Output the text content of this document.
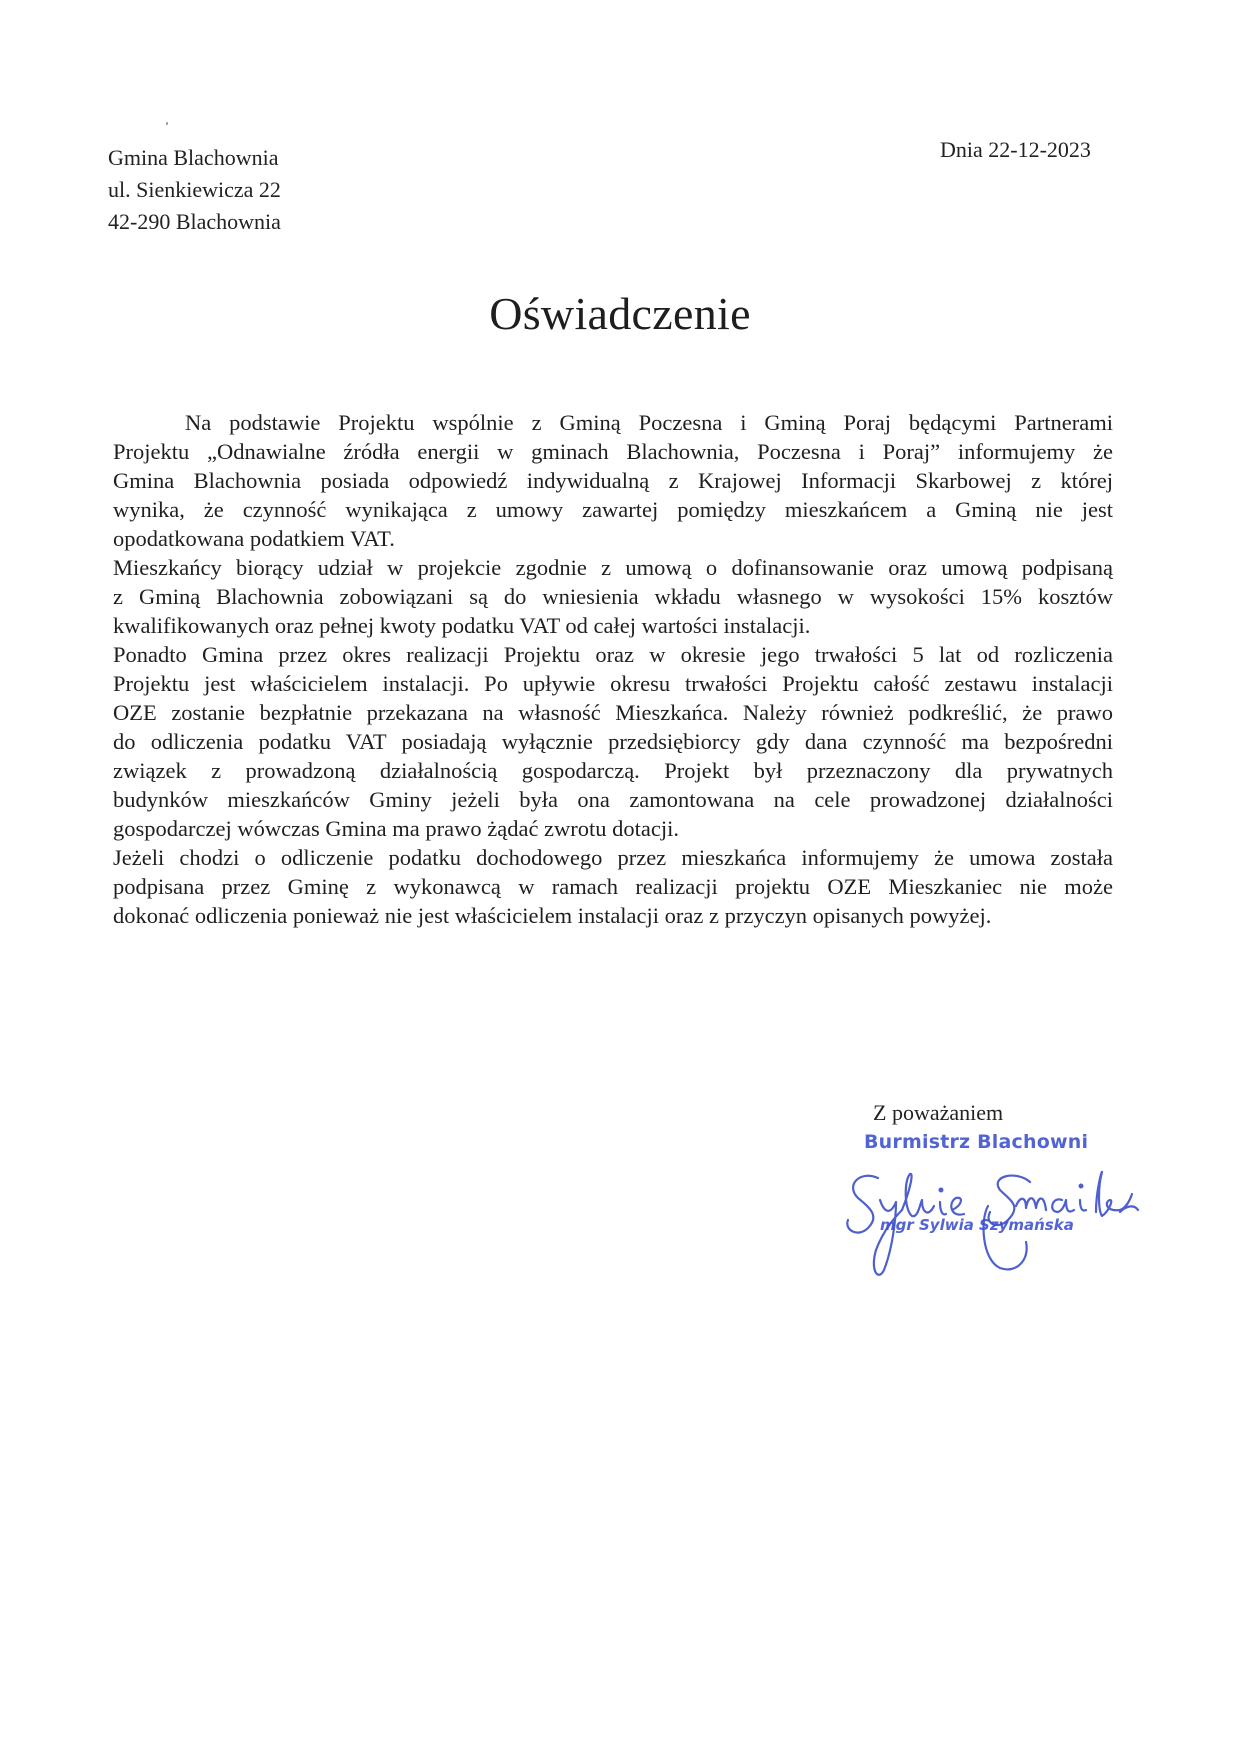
Gmina Blachownia
ul. Sienkiewicza 22
42-290 Blachownia
Dnia 22-12-2023
Oświadczenie
Na podstawie Projektu wspólnie z Gminą Poczesna i Gminą Poraj będącymi Partnerami
Projektu „Odnawialne źródła energii w gminach Blachownia, Poczesna i Poraj” informujemy że
Gmina Blachownia posiada odpowiedź indywidualną z Krajowej Informacji Skarbowej z której
wynika, że czynność wynikająca z umowy zawartej pomiędzy mieszkańcem a Gminą nie jest
opodatkowana podatkiem VAT.
Mieszkańcy biorący udział w projekcie zgodnie z umową o dofinansowanie oraz umową podpisaną
z Gminą Blachownia zobowiązani są do wniesienia wkładu własnego w wysokości 15% kosztów
kwalifikowanych oraz pełnej kwoty podatku VAT od całej wartości instalacji.
Ponadto Gmina przez okres realizacji Projektu oraz w okresie jego trwałości 5 lat od rozliczenia
Projektu jest właścicielem instalacji. Po upływie okresu trwałości Projektu całość zestawu instalacji
OZE zostanie bezpłatnie przekazana na własność Mieszkańca. Należy również podkreślić, że prawo
do odliczenia podatku VAT posiadają wyłącznie przedsiębiorcy gdy dana czynność ma bezpośredni
związek z prowadzoną działalnością gospodarczą. Projekt był przeznaczony dla prywatnych
budynków mieszkańców Gminy jeżeli była ona zamontowana na cele prowadzonej działalności
gospodarczej wówczas Gmina ma prawo żądać zwrotu dotacji.
Jeżeli chodzi o odliczenie podatku dochodowego przez mieszkańca informujemy że umowa została
podpisana przez Gminę z wykonawcą w ramach realizacji projektu OZE Mieszkaniec nie może
dokonać odliczenia ponieważ nie jest właścicielem instalacji oraz z przyczyn opisanych powyżej.
Z poważaniem
Burmistrz Blachowni
mgr Sylwia Szymańska
